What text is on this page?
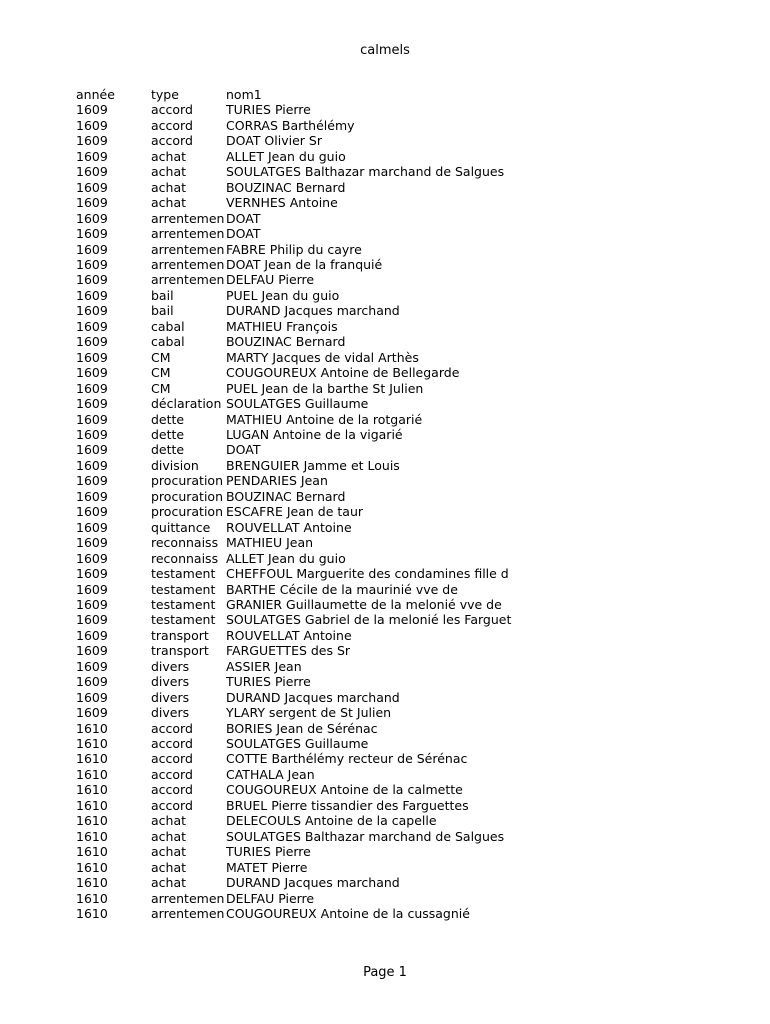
calmels
année	type	nom1
1609	accord	TURIES Pierre
1609	accord	CORRAS Barthélémy
1609	accord	DOAT Olivier Sr
1609	achat	ALLET Jean du guio
1609	achat	SOULATGES Balthazar marchand de Salgues
1609	achat	BOUZINAC Bernard
1609	achat	VERNHES Antoine
1609	arrentemen	DOAT
1609	arrentemen	DOAT
1609	arrentemen	FABRE Philip du cayre
1609	arrentemen	DOAT Jean de la franquié
1609	arrentemen	DELFAU Pierre
1609	bail	PUEL Jean du guio
1609	bail	DURAND Jacques marchand
1609	cabal	MATHIEU François
1609	cabal	BOUZINAC Bernard
1609	CM	MARTY Jacques de vidal Arthès
1609	CM	COUGOUREUX Antoine de Bellegarde
1609	CM	PUEL Jean de la barthe St Julien
1609	déclaration	SOULATGES Guillaume
1609	dette	MATHIEU Antoine de la rotgarié
1609	dette	LUGAN Antoine de la vigarié
1609	dette	DOAT
1609	division	BRENGUIER Jamme et Louis
1609	procuration	PENDARIES Jean
1609	procuration	BOUZINAC Bernard
1609	procuration	ESCAFRE Jean de taur
1609	quittance	ROUVELLAT Antoine
1609	reconnaiss	MATHIEU Jean
1609	reconnaiss	ALLET Jean du guio
1609	testament	CHEFFOUL Marguerite des condamines fille d
1609	testament	BARTHE Cécile de la maurinié vve de
1609	testament	GRANIER Guillaumette de la melonié vve de
1609	testament	SOULATGES Gabriel de la melonié les Farguet
1609	transport	ROUVELLAT Antoine
1609	transport	FARGUETTES des Sr
1609	divers	ASSIER Jean
1609	divers	TURIES Pierre
1609	divers	DURAND Jacques marchand
1609	divers	YLARY sergent de St Julien
1610	accord	BORIES Jean de Sérénac
1610	accord	SOULATGES Guillaume
1610	accord	COTTE Barthélémy recteur de Sérénac
1610	accord	CATHALA Jean
1610	accord	COUGOUREUX Antoine de la calmette
1610	accord	BRUEL Pierre tissandier des Farguettes
1610	achat	DELECOULS Antoine de la capelle
1610	achat	SOULATGES Balthazar marchand de Salgues
1610	achat	TURIES Pierre
1610	achat	MATET Pierre
1610	achat	DURAND Jacques marchand
1610	arrentemen	DELFAU Pierre
1610	arrentemen	COUGOUREUX Antoine de la cussagnié
Page 1
